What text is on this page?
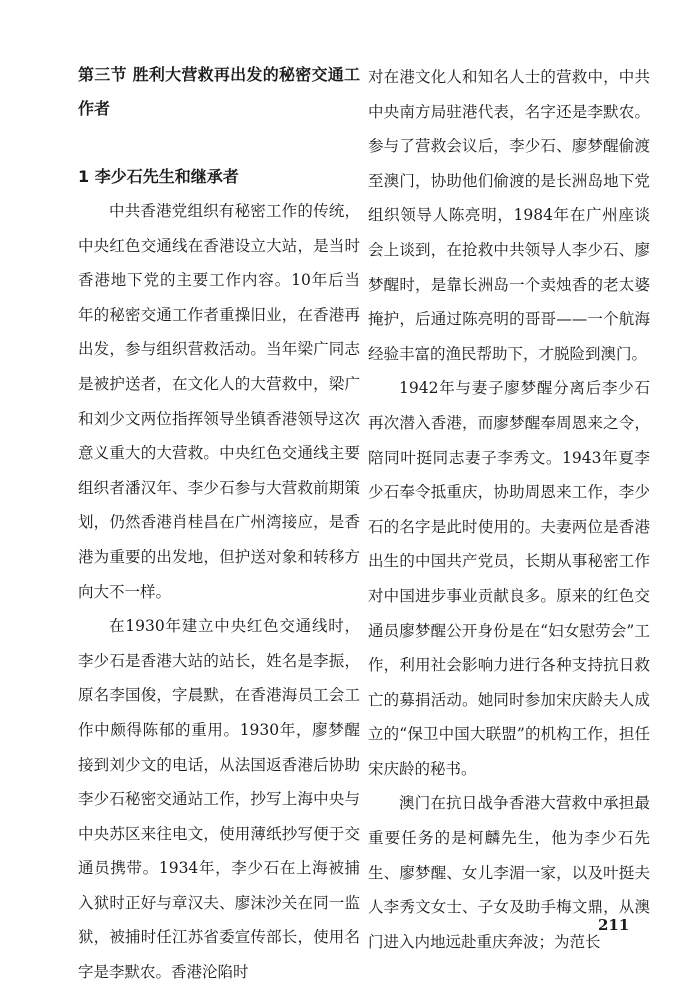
第三节 胜利大营救再出发的秘密交通工作者

1 李少石先生和继承者

中共香港党组织有秘密工作的传统，中央红色交通线在香港设立大站，是当时香港地下党的主要工作内容。10年后当年的秘密交通工作者重操旧业，在香港再出发，参与组织营救活动。当年梁广同志是被护送者，在文化人的大营救中，梁广和刘少文两位指挥领导坐镇香港领导这次意义重大的大营救。中央红色交通线主要组织者潘汉年、李少石参与大营救前期策划，仍然香港肖桂昌在广州湾接应，是香港为重要的出发地，但护送对象和转移方向大不一样。

在1930年建立中央红色交通线时，李少石是香港大站的站长，姓名是李振，原名李国俊，字晨默，在香港海员工会工作中颇得陈郁的重用。1930年，廖梦醒接到刘少文的电话，从法国返香港后协助李少石秘密交通站工作，抄写上海中央与中央苏区来往电文，使用薄纸抄写便于交通员携带。1934年，李少石在上海被捕入狱时正好与章汉夫、廖沫沙关在同一监狱，被捕时任江苏省委宣传部长，使用名字是李默农。香港沦陷时

对在港文化人和知名人士的营救中，中共中央南方局驻港代表，名字还是李默农。参与了营救会议后，李少石、廖梦醒偷渡至澳门，协助他们偷渡的是长洲岛地下党组织领导人陈亮明，1984年在广州座谈会上谈到，在抢救中共领导人李少石、廖梦醒时，是靠长洲岛一个卖烛香的老太婆掩护，后通过陈亮明的哥哥——一个航海经验丰富的渔民帮助下，才脱险到澳门。

1942年与妻子廖梦醒分离后李少石再次潜入香港，而廖梦醒奉周恩来之令，陪同叶挺同志妻子李秀文。1943年夏李少石奉令抵重庆，协助周恩来工作，李少石的名字是此时使用的。夫妻两位是香港出生的中国共产党员，长期从事秘密工作对中国进步事业贡献良多。原来的红色交通员廖梦醒公开身份是在“妇女慰劳会”工作，利用社会影响力进行各种支持抗日救亡的募捐活动。她同时参加宋庆龄夫人成立的“保卫中国大联盟”的机构工作，担任宋庆龄的秘书。

澳门在抗日战争香港大营救中承担最重要任务的是柯麟先生，他为李少石先生、廖梦醒、女儿李湄一家，以及叶挺夫人李秀文女士、子女及助手梅文鼎，从澳门进入内地远赴重庆奔波；为范长

211
